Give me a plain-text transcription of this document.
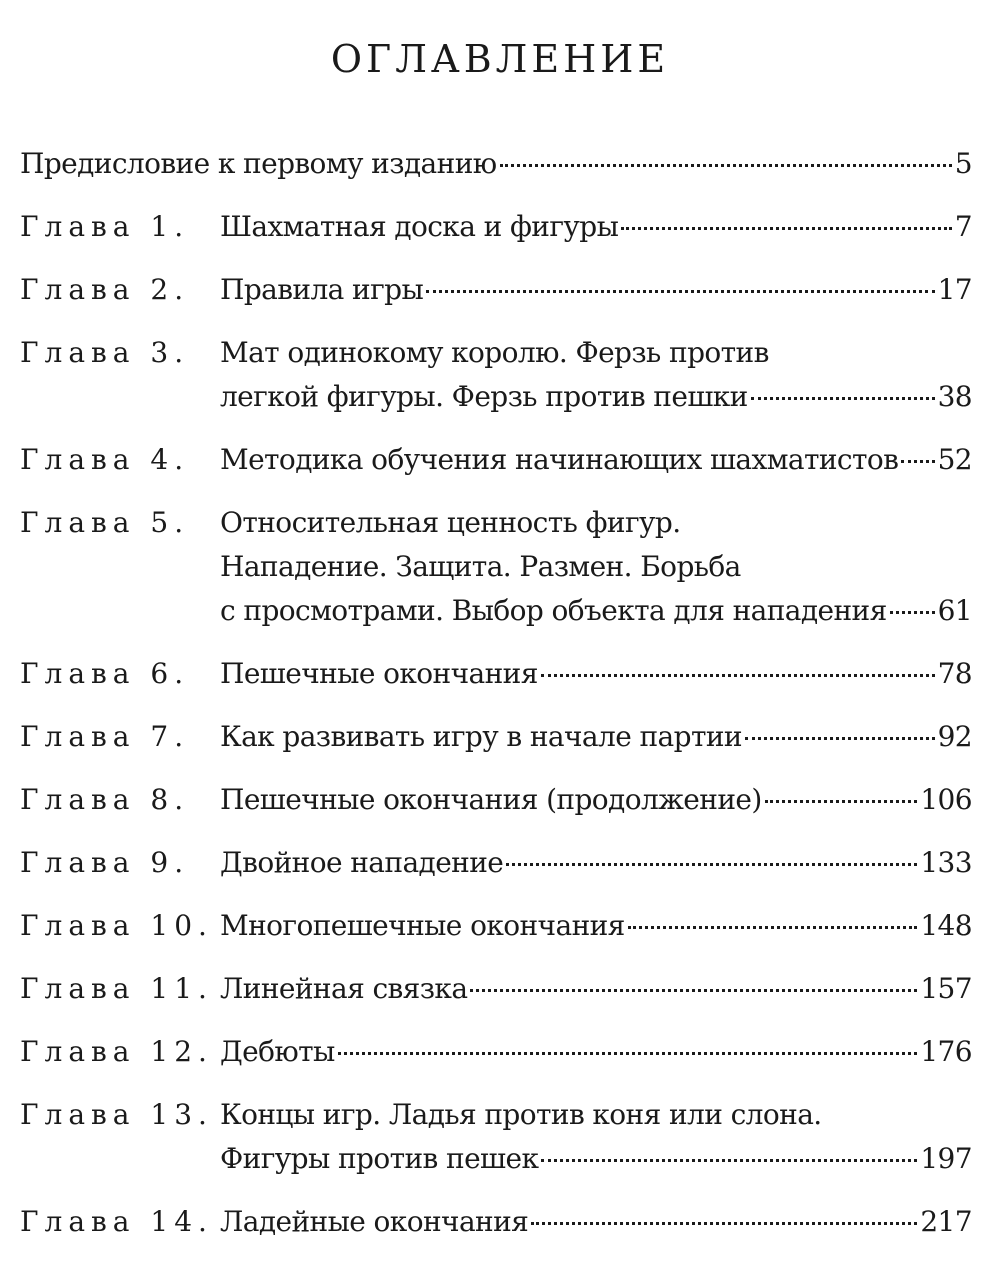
ОГЛАВЛЕНИЕ
Предисловие к первому изданию	5
Глава 1.	Шахматная доска и фигуры	7
Глава 2.	Правила игры	17
Глава 3.	Мат одинокому королю. Ферзь против
легкой фигуры. Ферзь против пешки	38
Глава 4.	Методика обучения начинающих шахматистов 52
Глава 5.	Относительная ценность фигур.
Нападение. Защита. Размен. Борьба
с просмотрами. Выбор объекта для нападения 61
Глава 6.	Пешечные окончания	78
Глава 7.	Как развивать игру в начале партии	92
Глава 8.	Пешечные окончания (продолжение)	106
Глава 9.	Двойное нападение	133
Глава 10. Многопешечные окончания	148
Глава 11. Линейная связка	157
Глава 12. Дебюты	176
Глава 13. Концы игр. Ладья против коня или слона.
Фигуры против пешек	197
Глава 14. Ладейные окончания	217
